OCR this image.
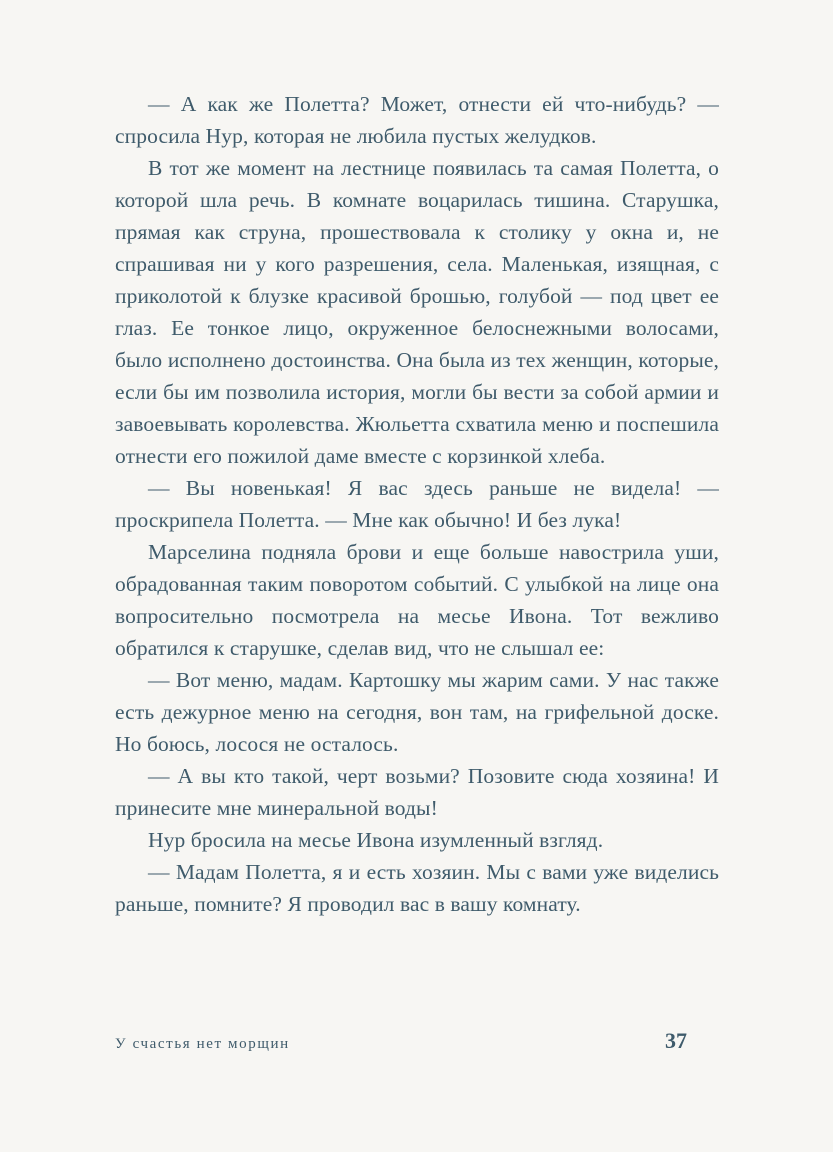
— А как же Полетта? Может, отнести ей что-нибудь? — спросила Нур, которая не любила пустых желудков.

В тот же момент на лестнице появилась та самая Полетта, о которой шла речь. В комнате воцарилась тишина. Старушка, прямая как струна, прошествовала к столику у окна и, не спрашивая ни у кого разрешения, села. Маленькая, изящная, с приколотой к блузке красивой брошью, голубой — под цвет ее глаз. Ее тонкое лицо, окруженное белоснежными волосами, было исполнено достоинства. Она была из тех женщин, которые, если бы им позволила история, могли бы вести за собой армии и завоевывать королевства. Жюльетта схватила меню и поспешила отнести его пожилой даме вместе с корзинкой хлеба.

— Вы новенькая! Я вас здесь раньше не видела! — проскрипела Полетта. — Мне как обычно! И без лука!

Марселина подняла брови и еще больше навострила уши, обрадованная таким поворотом событий. С улыбкой на лице она вопросительно посмотрела на месье Ивона. Тот вежливо обратился к старушке, сделав вид, что не слышал ее:

— Вот меню, мадам. Картошку мы жарим сами. У нас также есть дежурное меню на сегодня, вон там, на грифельной доске. Но боюсь, лосося не осталось.

— А вы кто такой, черт возьми? Позовите сюда хозяина! И принесите мне минеральной воды!

Нур бросила на месье Ивона изумленный взгляд.

— Мадам Полетта, я и есть хозяин. Мы с вами уже виделись раньше, помните? Я проводил вас в вашу комнату.

У счастья нет морщин	37
